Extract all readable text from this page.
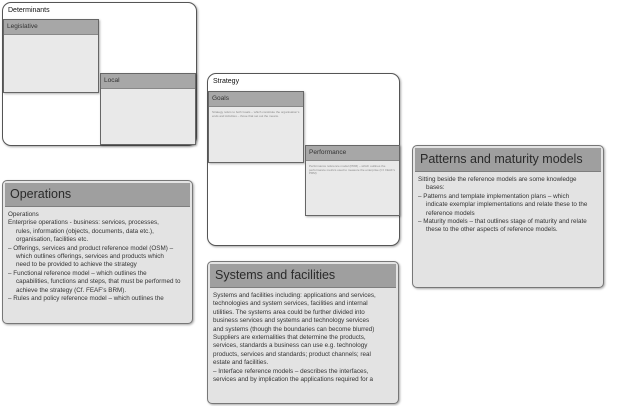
Determinants
Legislative
Local	Strategy
Goals
Strategy refers to both Goals – which constitute the organisation’s ends and Activities – those that set out the means.
Performance
Performance reference model (PRM) – which outlines the performance metrics used to measure the enterprise (Cf. FEAF’s PRM)
Operations
Operations
Enterprise operations - business: services, processes,
rules, information (objects, documents, data etc.),
organisation, facilities etc.
– Offerings, services and product reference model (OSM) –
which outlines offerings, services and products which
need to be provided to achieve the strategy
– Functional reference model – which outlines the
capabilities, functions and steps, that must be performed to
achieve the strategy (Cf. FEAF’s BRM).
– Rules and policy reference model – which outlines the
Patterns and maturity models
Sitting beside the reference models are some knowledge
bases:
– Patterns and template implementation plans – which
indicate exemplar implementations and relate these to the
reference models
– Maturity models – that outlines stage of maturity and relate
these to the other aspects of reference models.
Systems and facilities
Systems and facilities including: applications and services,
technologies and system services, facilities and internal
utilities. The systems area could be further divided into
business services and systems and technology services
and systems (though the boundaries can become blurred)
Suppliers are externalities that determine the products,
services, standards a business can use e.g. technology
products, services and standards; product channels; real
estate and facilities.
– Interface reference models – describes the interfaces,
services and by implication the applications required for a
